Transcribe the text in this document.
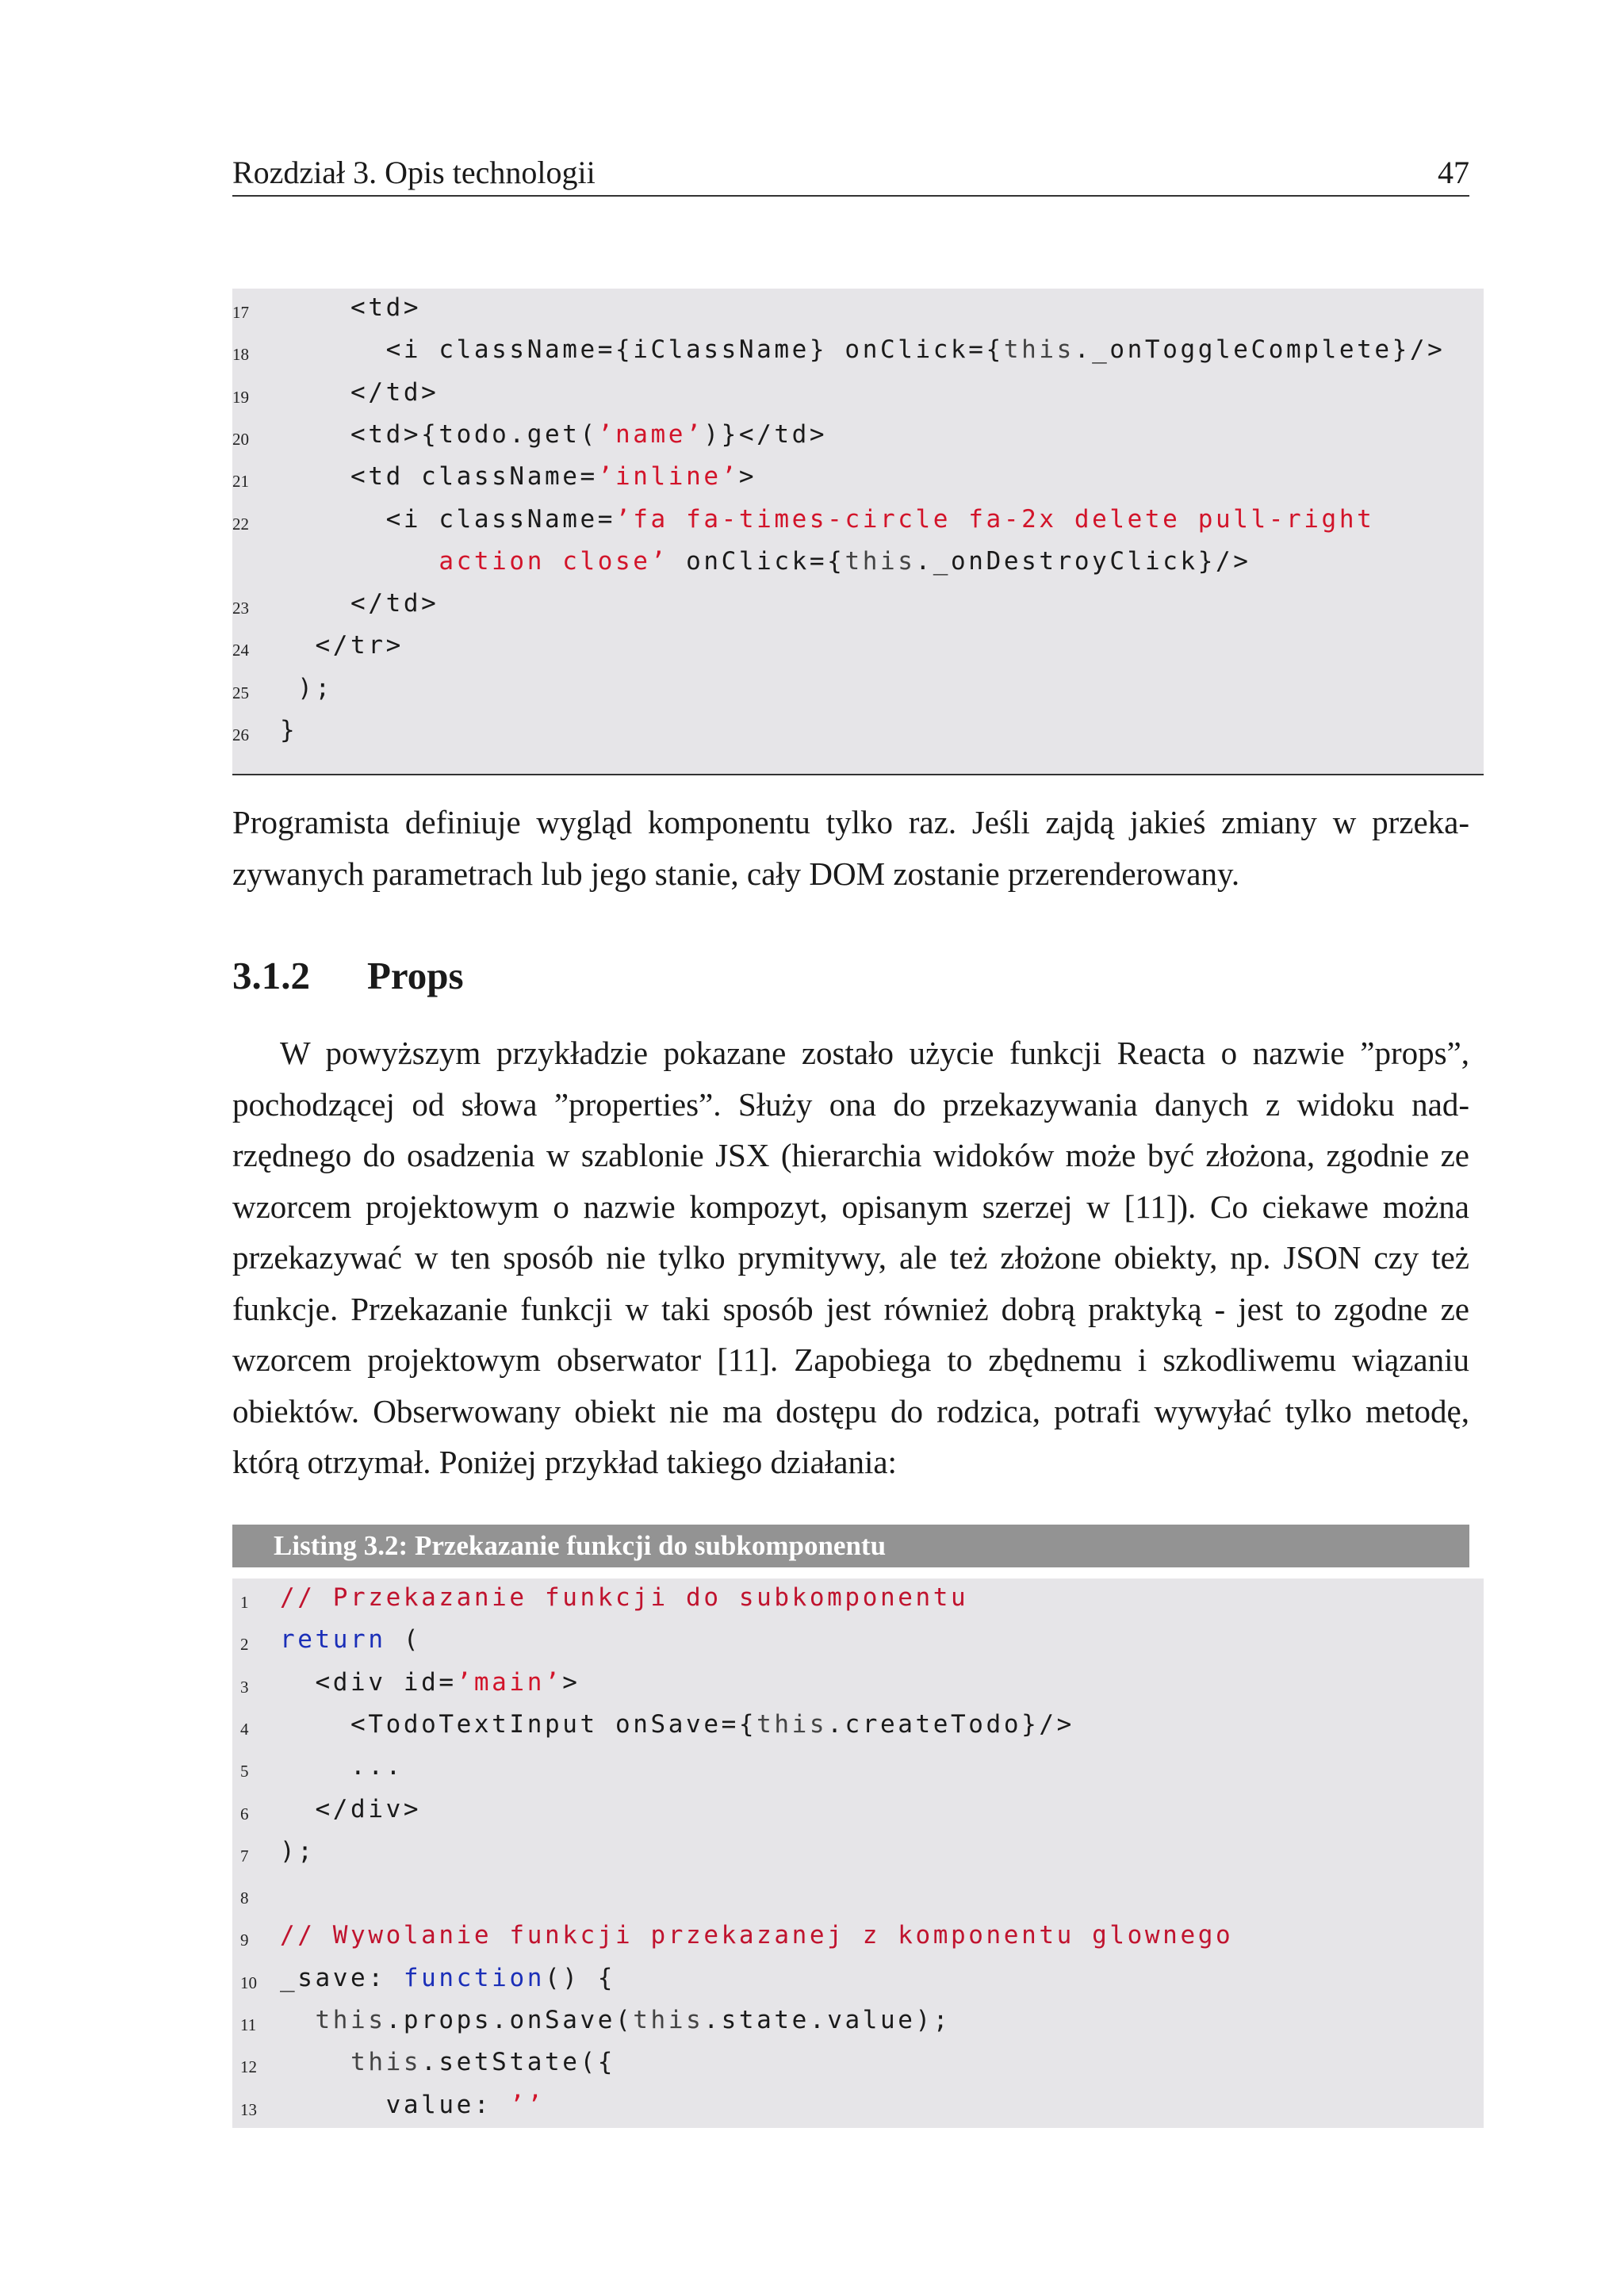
Rozdział 3. Opis technologii	47
17 <td>
18 <i className={iClassName} onClick={this._onToggleComplete}/>
19 </td>
20 <td>{todo.get(’name’)}</td>
21 <td className=’inline’>
22 <i className=’fa fa-times-circle fa-2x delete pull-right
action close’ onClick={this._onDestroyClick}/>
23 </td>
24 </tr>
25 );
26 }
Programista definiuje wygląd komponentu tylko raz. Jeśli zajdą jakieś zmiany w przeka-
zywanych parametrach lub jego stanie, cały DOM zostanie przerenderowany.
3.1.2 Props
W powyższym przykładzie pokazane zostało użycie funkcji Reacta o nazwie ”props”,
pochodzącej od słowa ”properties”. Służy ona do przekazywania danych z widoku nad-
rzędnego do osadzenia w szablonie JSX (hierarchia widoków może być złożona, zgodnie ze
wzorcem projektowym o nazwie kompozyt, opisanym szerzej w [11]). Co ciekawe można
przekazywać w ten sposób nie tylko prymitywy, ale też złożone obiekty, np. JSON czy też
funkcje. Przekazanie funkcji w taki sposób jest również dobrą praktyką - jest to zgodne ze
wzorcem projektowym obserwator [11]. Zapobiega to zbędnemu i szkodliwemu wiązaniu
obiektów. Obserwowany obiekt nie ma dostępu do rodzica, potrafi wywyłać tylko metodę,
którą otrzymał. Poniżej przykład takiego działania:
Listing 3.2: Przekazanie funkcji do subkomponentu
1	// Przekazanie funkcji do subkomponentu
2	return (
3	<div id=’main’>
4	<TodoTextInput onSave={this.createTodo}/>
5	...
6	</div>
7	);
8
9	// Wywolanie funkcji przekazanej z komponentu glownego
10 _save: function() {
11	this.props.onSave(this.state.value);
12	this.setState({
13 value: ’’
